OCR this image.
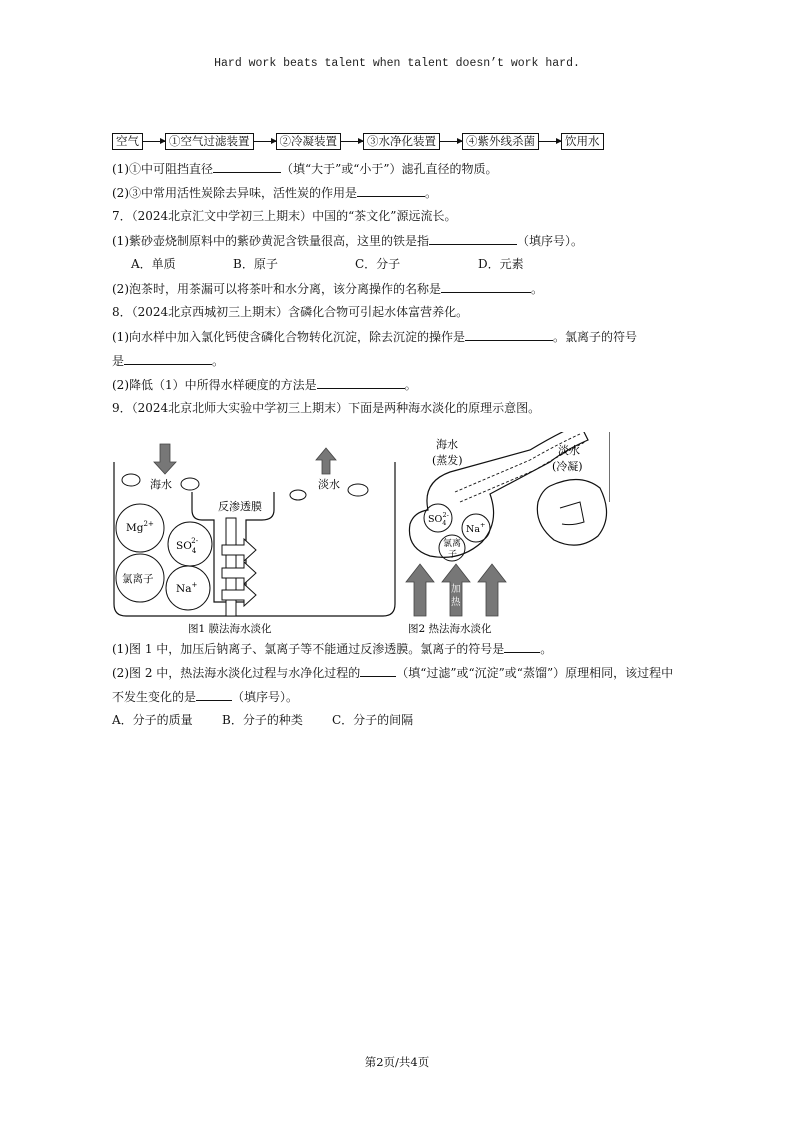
Hard work beats talent when talent doesn’t work hard.
空气	①空气过滤装置	②冷凝装置	③水净化装置	④紫外线杀菌	饮用水
(1)①中可阻挡直径	（填“大于”或“小于”）滤孔直径的物质。
(2)③中常用活性炭除去异味，活性炭的作用是	。
7．（2024北京汇文中学初三上期末）中国的“茶文化”源远流长。
(1)紫砂壶烧制原料中的紫砂黄泥含铁量很高，这里的铁是指	（填序号）。
A．单质	B．原子	C．分子	D．元素
(2)泡茶时，用茶漏可以将茶叶和水分离，该分离操作的名称是	。
8．（2024北京西城初三上期末）含磷化合物可引起水体富营养化。
(1)向水样中加入氯化钙使含磷化合物转化沉淀，除去沉淀的操作是	。氯离子的符号
是	。
(2)降低（1）中所得水样硬度的方法是	。
9．（2024北京北师大实验中学初三上期末）下面是两种海水淡化的原理示意图。
海水	淡水
反渗透膜
$Mg^{2+}$
$SO_42-$
氯离子
Na+
图1 膜法海水淡化
海水
(蒸发)
淡水
(冷凝)
$SO_42-$
Na+
氯离
子
加
热
图2 热法海水淡化
(1)图 1 中，加压后钠离子、氯离子等不能通过反渗透膜。氯离子的符号是	。
(2)图 2 中，热法海水淡化过程与水净化过程的	（填“过滤”或“沉淀”或“蒸馏”）原理相同，该过程中
不发生变化的是	（填序号）。
A．分子的质量 B．分子的种类 C．分子的间隔
第2页/共4页
